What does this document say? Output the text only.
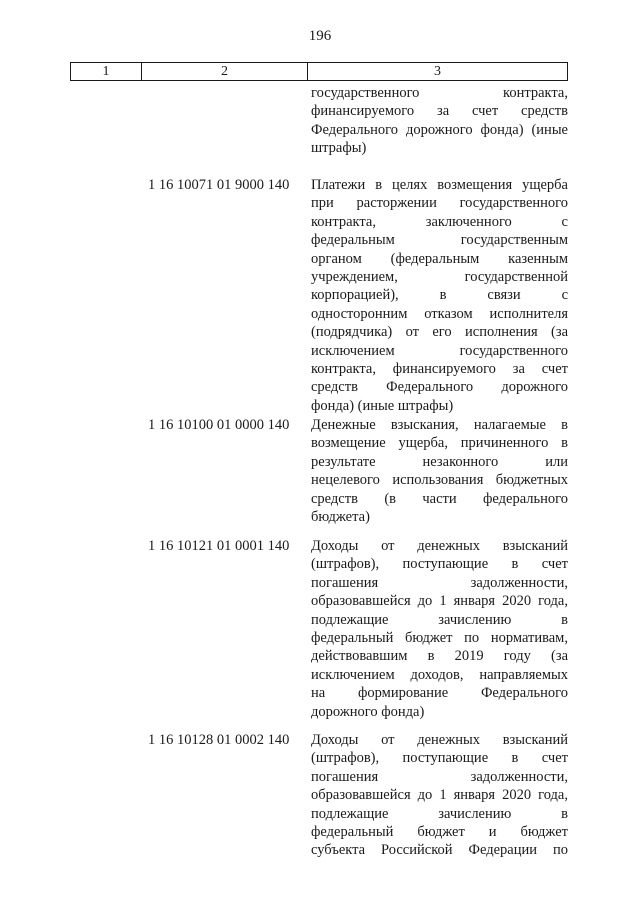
196
1	2	3
государственного контракта,
финансируемого за счет средств
Федерального дорожного фонда) (иные
штрафы)
1 16 10071 01 9000 140 Платежи в целях возмещения ущерба
при расторжении государственного
контракта, заключенного с
федеральным государственным
органом (федеральным казенным
учреждением, государственной
корпорацией), в связи с
односторонним отказом исполнителя
(подрядчика) от его исполнения (за
исключением государственного
контракта, финансируемого за счет
средств Федерального дорожного
фонда) (иные штрафы)
1 16 10100 01 0000 140 Денежные взыскания, налагаемые в
возмещение ущерба, причиненного в
результате незаконного или
нецелевого использования бюджетных
средств (в части федерального
бюджета)
1 16 10121 01 0001 140 Доходы от денежных взысканий
(штрафов), поступающие в счет
погашения задолженности,
образовавшейся до 1 января 2020 года,
подлежащие зачислению в
федеральный бюджет по нормативам,
действовавшим в 2019 году (за
исключением доходов, направляемых
на формирование Федерального
дорожного фонда)
1 16 10128 01 0002 140 Доходы от денежных взысканий
(штрафов), поступающие в счет
погашения задолженности,
образовавшейся до 1 января 2020 года,
подлежащие зачислению в
федеральный бюджет и бюджет
субъекта Российской Федерации по
